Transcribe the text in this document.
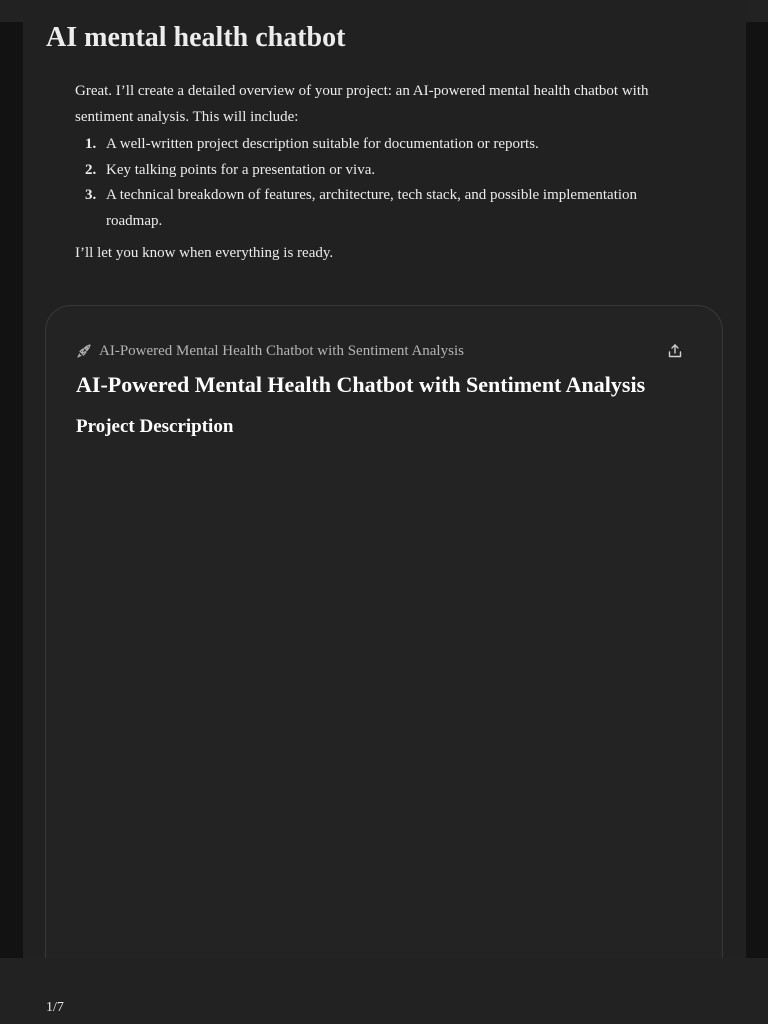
AI mental health chatbot

Great. I’ll create a detailed overview of your project: an AI-powered mental health chatbot with sentiment analysis. This will include:

1. A well-written project description suitable for documentation or reports.
2. Key talking points for a presentation or viva.
3. A technical breakdown of features, architecture, tech stack, and possible implementation roadmap.

I’ll let you know when everything is ready.

AI-Powered Mental Health Chatbot with Sentiment Analysis
AI-Powered Mental Health Chatbot with Sentiment Analysis
Project Description
1/7
